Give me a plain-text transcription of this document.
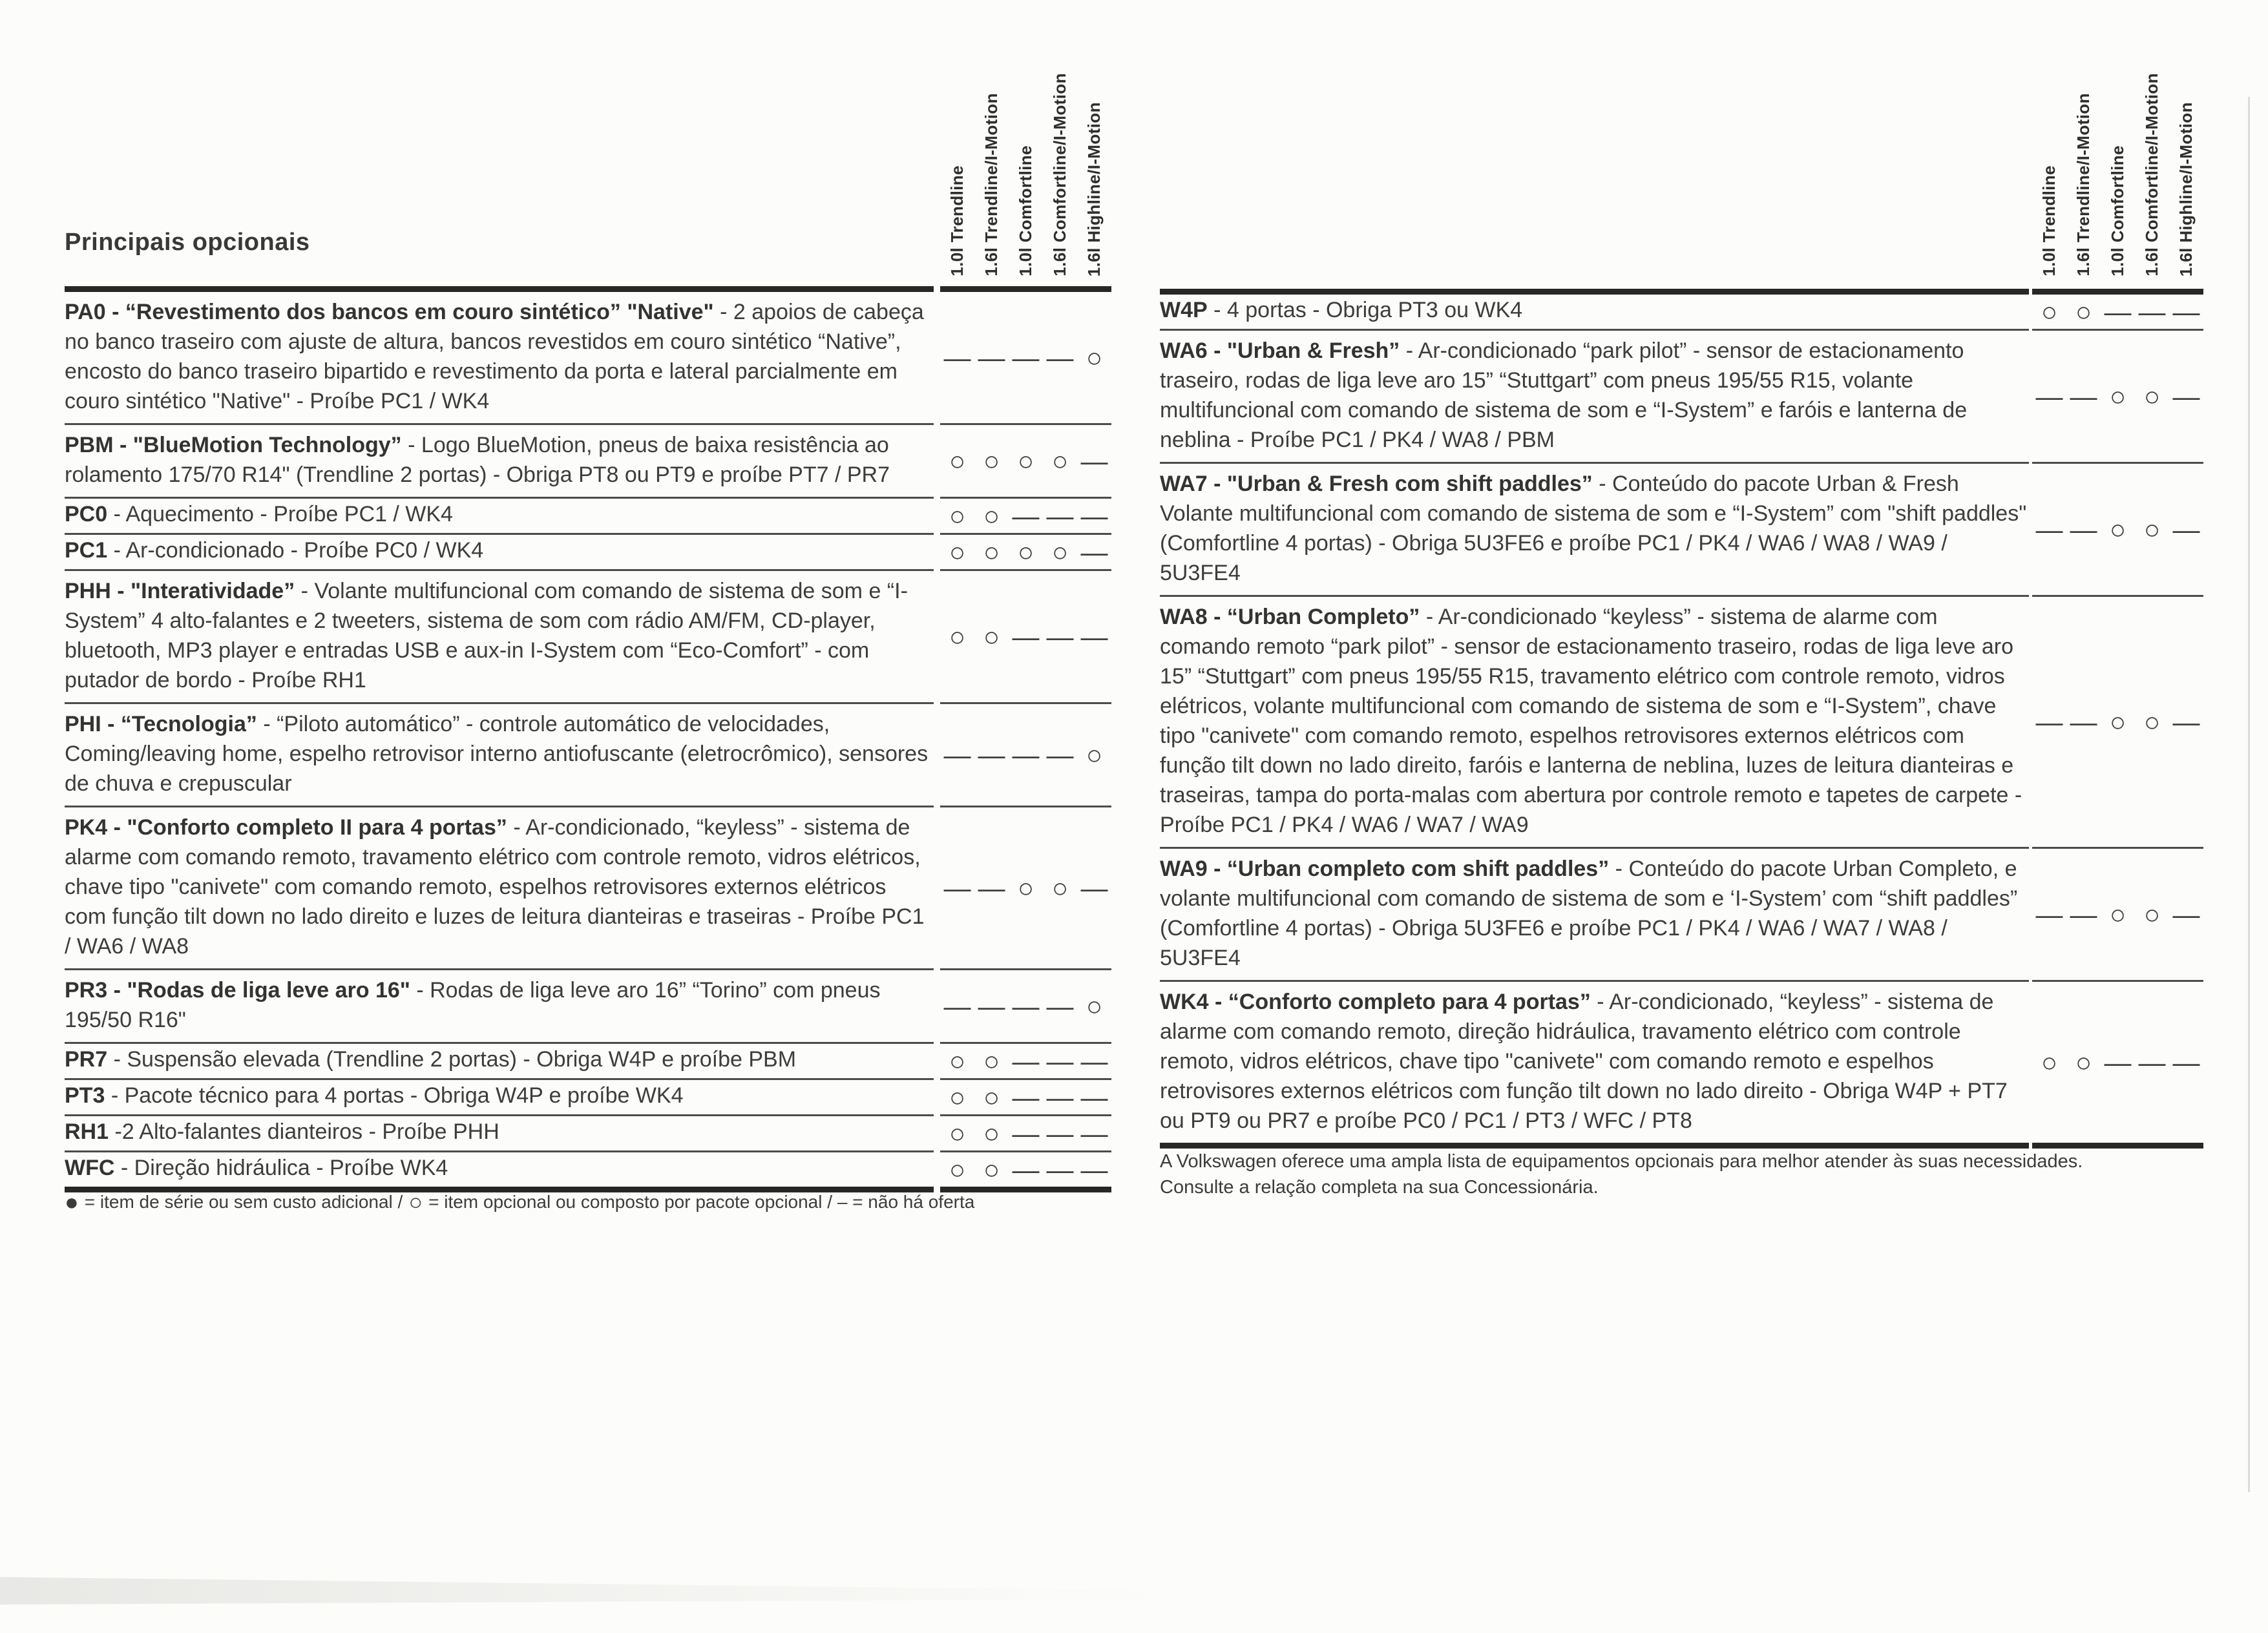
Principais opcionais	1.0l Trendline 1.6l Trendline/I-Motion 1.0l Comfortline 1.6l Comfortline/I-Motion 1.6l Highline/I-Motion	1.0l Trendline 1.6l Trendline/I-Motion 1.0l Comfortline 1.6l Comfortline/I-Motion 1.6l Highline/I-Motion
PA0 - “Revestimento dos bancos em couro sintético” "Native" - 2 apoios de cabeça no banco traseiro com ajuste de altura, bancos revestidos em couro sintético “Native”, encosto do banco traseiro bipartido e revestimento da porta e lateral parcialmente em couro sintético "Native" - Proíbe PC1 / WK4
— — — — ○
PBM - "BlueMotion Technology” - Logo BlueMotion, pneus de baixa resistência ao rolamento 175/70 R14" (Trendline 2 portas) - Obriga PT8 ou PT9 e proíbe PT7 / PR7	○ ○ ○ ○ —
PC0 - Aquecimento - Proíbe PC1 / WK4	○ ○ — — —
PC1 - Ar-condicionado - Proíbe PC0 / WK4	○ ○ ○ ○ —
PHH - "Interatividade” - Volante multifuncional com comando de sistema de som e “I-System” 4 alto-falantes e 2 tweeters, sistema de som com rádio AM/FM, CD-player, bluetooth, MP3 player e entradas USB e aux-in I-System com “Eco-Comfort” - com putador de bordo - Proíbe RH1
○ ○ — — —
PHI - “Tecnologia” - “Piloto automático” - controle automático de velocidades, Coming/leaving home, espelho retrovisor interno antiofuscante (eletrocrômico), sensores de chuva e crepuscular
— — — — ○
PK4 - "Conforto completo II para 4 portas” - Ar-condicionado, “keyless” - sistema de alarme com comando remoto, travamento elétrico com controle remoto, vidros elétricos, chave tipo "canivete" com comando remoto, espelhos retrovisores externos elétricos com função tilt down no lado direito e luzes de leitura dianteiras e traseiras - Proíbe PC1 / WA6 / WA8
— — ○ ○ —
PR3 - "Rodas de liga leve aro 16" - Rodas de liga leve aro 16” “Torino” com pneus 195/50 R16"	— — — — ○
PR7 - Suspensão elevada (Trendline 2 portas) - Obriga W4P e proíbe PBM	○ ○ — — —
PT3 - Pacote técnico para 4 portas - Obriga W4P e proíbe WK4	○ ○ — — —
RH1 -2 Alto-falantes dianteiros - Proíbe PHH	○ ○ — — —
WFC - Direção hidráulica - Proíbe WK4	○ ○ — — —
W4P - 4 portas - Obriga PT3 ou WK4	○ ○ — — —
WA6 - "Urban & Fresh” - Ar-condicionado “park pilot” - sensor de estacionamento traseiro, rodas de liga leve aro 15” “Stuttgart” com pneus 195/55 R15, volante multifuncional com comando de sistema de som e “I-System” e faróis e lanterna de neblina - Proíbe PC1 / PK4 / WA8 / PBM
— — ○ ○ —
WA7 - "Urban & Fresh com shift paddles” - Conteúdo do pacote Urban & Fresh Volante multifuncional com comando de sistema de som e “I-System” com "shift paddles" (Comfortline 4 portas) - Obriga 5U3FE6 e proíbe PC1 / PK4 / WA6 / WA8 / WA9 / 5U3FE4
— — ○ ○ —
WA8 - “Urban Completo” - Ar-condicionado “keyless” - sistema de alarme com comando remoto “park pilot” - sensor de estacionamento traseiro, rodas de liga leve aro 15” “Stuttgart” com pneus 195/55 R15, travamento elétrico com controle remoto, vidros elétricos, volante multifuncional com comando de sistema de som e “I-System”, chave tipo "canivete" com comando remoto, espelhos retrovisores externos elétricos com função tilt down no lado direito, faróis e lanterna de neblina, luzes de leitura dianteiras e traseiras, tampa do porta-malas com abertura por controle remoto e tapetes de carpete - Proíbe PC1 / PK4 / WA6 / WA7 / WA9
— — ○ ○ —
WA9 - “Urban completo com shift paddles” - Conteúdo do pacote Urban Completo, e volante multifuncional com comando de sistema de som e ‘I-System’ com “shift paddles” (Comfortline 4 portas) - Obriga 5U3FE6 e proíbe PC1 / PK4 / WA6 / WA7 / WA8 / 5U3FE4
— — ○ ○ —
WK4 - “Conforto completo para 4 portas” - Ar-condicionado, “keyless” - sistema de alarme com comando remoto, direção hidráulica, travamento elétrico com controle remoto, vidros elétricos, chave tipo "canivete" com comando remoto e espelhos retrovisores externos elétricos com função tilt down no lado direito - Obriga W4P + PT7 ou PT9 ou PR7 e proíbe PC0 / PC1 / PT3 / WFC / PT8
○ ○ — — —
● = item de série ou sem custo adicional / ○ = item opcional ou composto por pacote opcional / – = não há oferta
A Volkswagen oferece uma ampla lista de equipamentos opcionais para melhor atender às suas necessidades. Consulte a relação completa na sua Concessionária.
